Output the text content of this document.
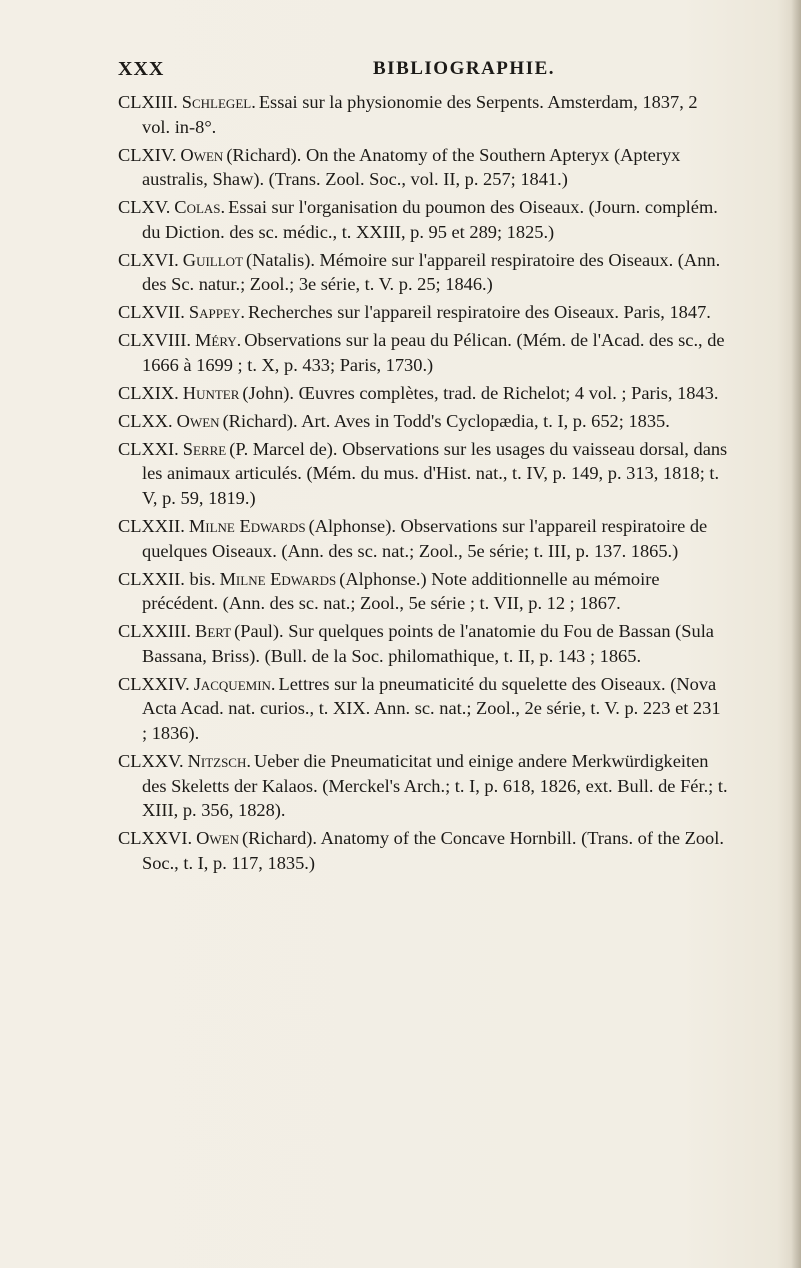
XXX	BIBLIOGRAPHIE.

CLXIII. Schlegel. Essai sur la physionomie des Serpents. Amsterdam, 1837, 2 vol. in-8°.

CLXIV. Owen (Richard). On the Anatomy of the Southern Apteryx (Apteryx australis, Shaw). (Trans. Zool. Soc., vol. II, p. 257; 1841.)

CLXV. Colas. Essai sur l'organisation du poumon des Oiseaux. (Journ. complém. du Diction. des sc. médic., t. XXIII, p. 95 et 289; 1825.)

CLXVI. Guillot (Natalis). Mémoire sur l'appareil respiratoire des Oiseaux. (Ann. des Sc. natur.; Zool.; 3e série, t. V. p. 25; 1846.)

CLXVII. Sappey. Recherches sur l'appareil respiratoire des Oiseaux. Paris, 1847.

CLXVIII. Méry. Observations sur la peau du Pélican. (Mém. de l'Acad. des sc., de 1666 à 1699 ; t. X, p. 433; Paris, 1730.)

CLXIX. Hunter (John). Œuvres complètes, trad. de Richelot; 4 vol. ; Paris, 1843.

CLXX. Owen (Richard). Art. Aves in Todd's Cyclopædia, t. I, p. 652; 1835.

CLXXI. Serre (P. Marcel de). Observations sur les usages du vaisseau dorsal, dans les animaux articulés. (Mém. du mus. d'Hist. nat., t. IV, p. 149, p. 313, 1818; t. V, p. 59, 1819.)

CLXXII. Milne Edwards (Alphonse). Observations sur l'appareil respiratoire de quelques Oiseaux. (Ann. des sc. nat.; Zool., 5e série; t. III, p. 137. 1865.)

CLXXII. bis. Milne Edwards (Alphonse.) Note additionnelle au mémoire précédent. (Ann. des sc. nat.; Zool., 5e série ; t. VII, p. 12 ; 1867.

CLXXIII. Bert (Paul). Sur quelques points de l'anatomie du Fou de Bassan (Sula Bassana, Briss). (Bull. de la Soc. philomathique, t. II, p. 143 ; 1865.

CLXXIV. Jacquemin. Lettres sur la pneumaticité du squelette des Oiseaux. (Nova Acta Acad. nat. curios., t. XIX. Ann. sc. nat.; Zool., 2e série, t. V. p. 223 et 231 ; 1836).

CLXXV. Nitzsch. Ueber die Pneumaticitat und einige andere Merkwürdigkeiten des Skeletts der Kalaos. (Merckel's Arch.; t. I, p. 618, 1826, ext. Bull. de Fér.; t. XIII, p. 356, 1828).

CLXXVI. Owen (Richard). Anatomy of the Concave Hornbill. (Trans. of the Zool. Soc., t. I, p. 117, 1835.)
